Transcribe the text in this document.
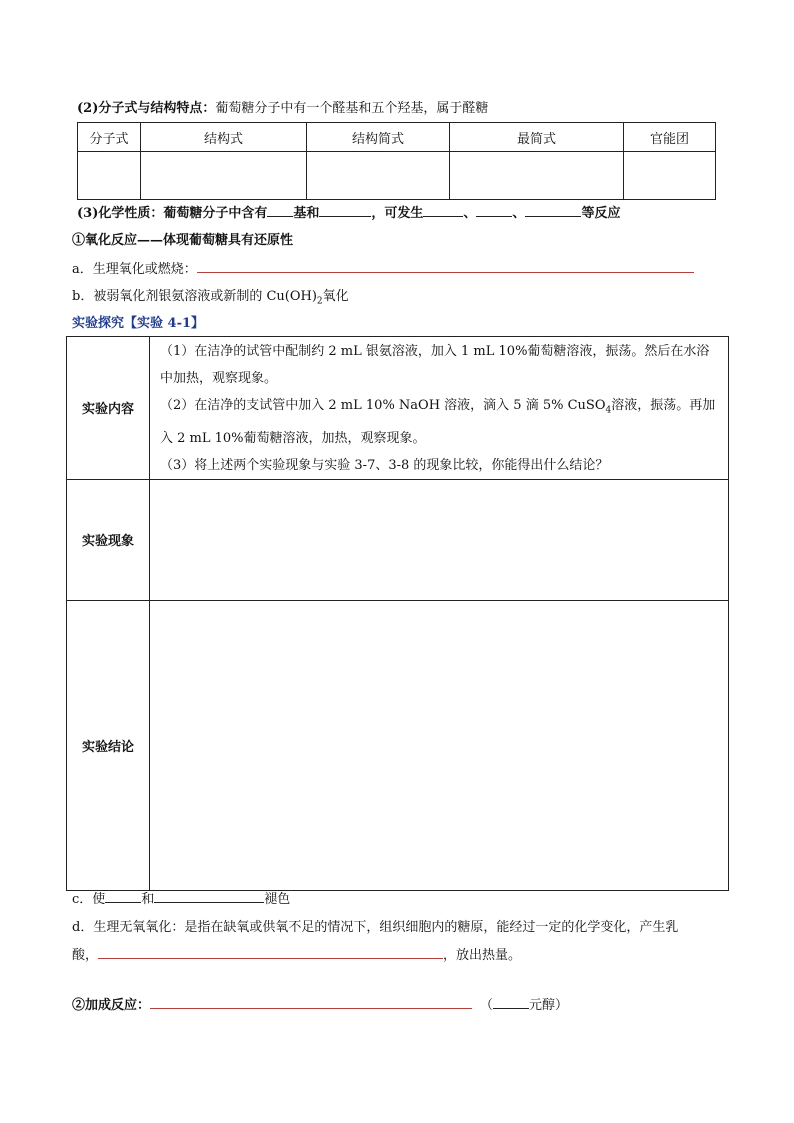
(2)分子式与结构特点：葡萄糖分子中有一个醛基和五个羟基，属于醛糖
分子式	结构式	结构简式	最简式	官能团

(3)化学性质：葡萄糖分子中含有 基和	，可发生	、	、	等反应
①氧化反应——体现葡萄糖具有还原性
a．生理氧化或燃烧：
b．被弱氧化剂银氨溶液或新制的 $Cu(OH)_2$氧化
实验探究【实验 4-1】
实验内容	（1）在洁净的试管中配制约 2 mL 银氨溶液，加入 1 mL 10%葡萄糖溶液，振荡。然后在水浴
中加热，观察现象。
（2）在洁净的支试管中加入 2 mL 10% NaOH 溶液，滴入 5 滴 5% CuSO$_4$溶液，振荡。再加
入 2 mL 10%葡萄糖溶液，加热，观察现象。
（3）将上述两个实验现象与实验 3-7、3-8 的现象比较，你能得出什么结论？

实验现象	
实验结论	
c．使	和	褪色
d．生理无氧氧化：是指在缺氧或供氧不足的情况下，组织细胞内的糖原，能经过一定的化学变化，产生乳
酸，	，放出热量。
②加成反应：	（	元醇）
